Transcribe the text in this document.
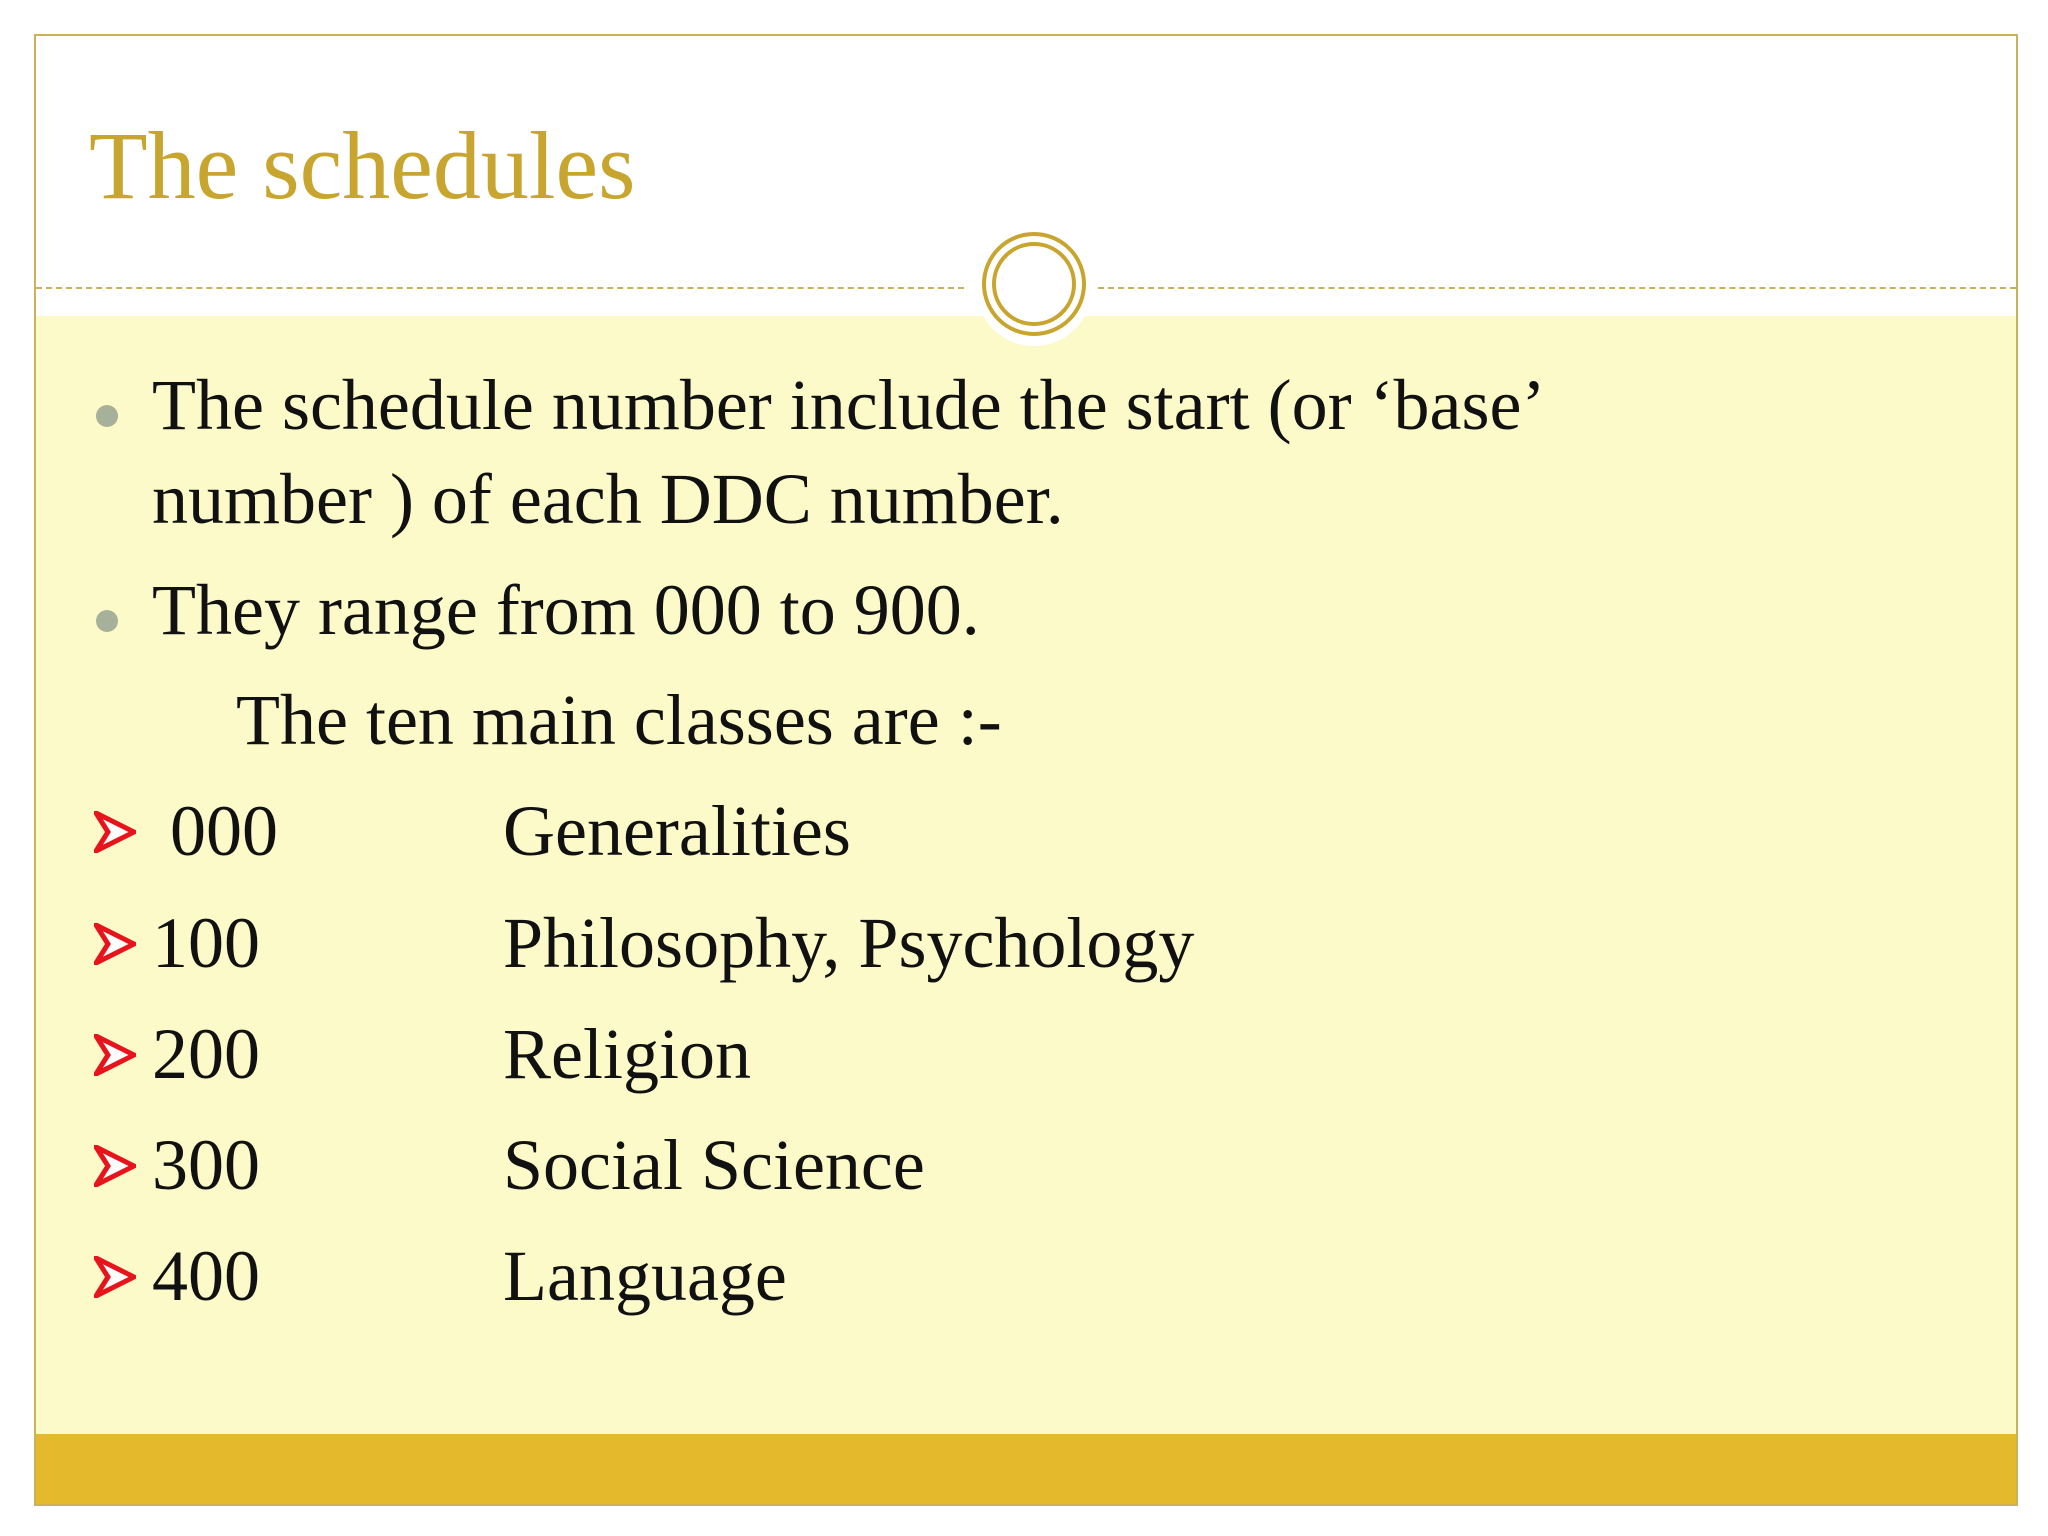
The schedules
The schedule number include the start (or ‘base’
number ) of each DDC number.
They range from 000 to 900.
The ten main classes are :-
000	Generalities
100	Philosophy, Psychology
200	Religion
300	Social Science
400	Language
